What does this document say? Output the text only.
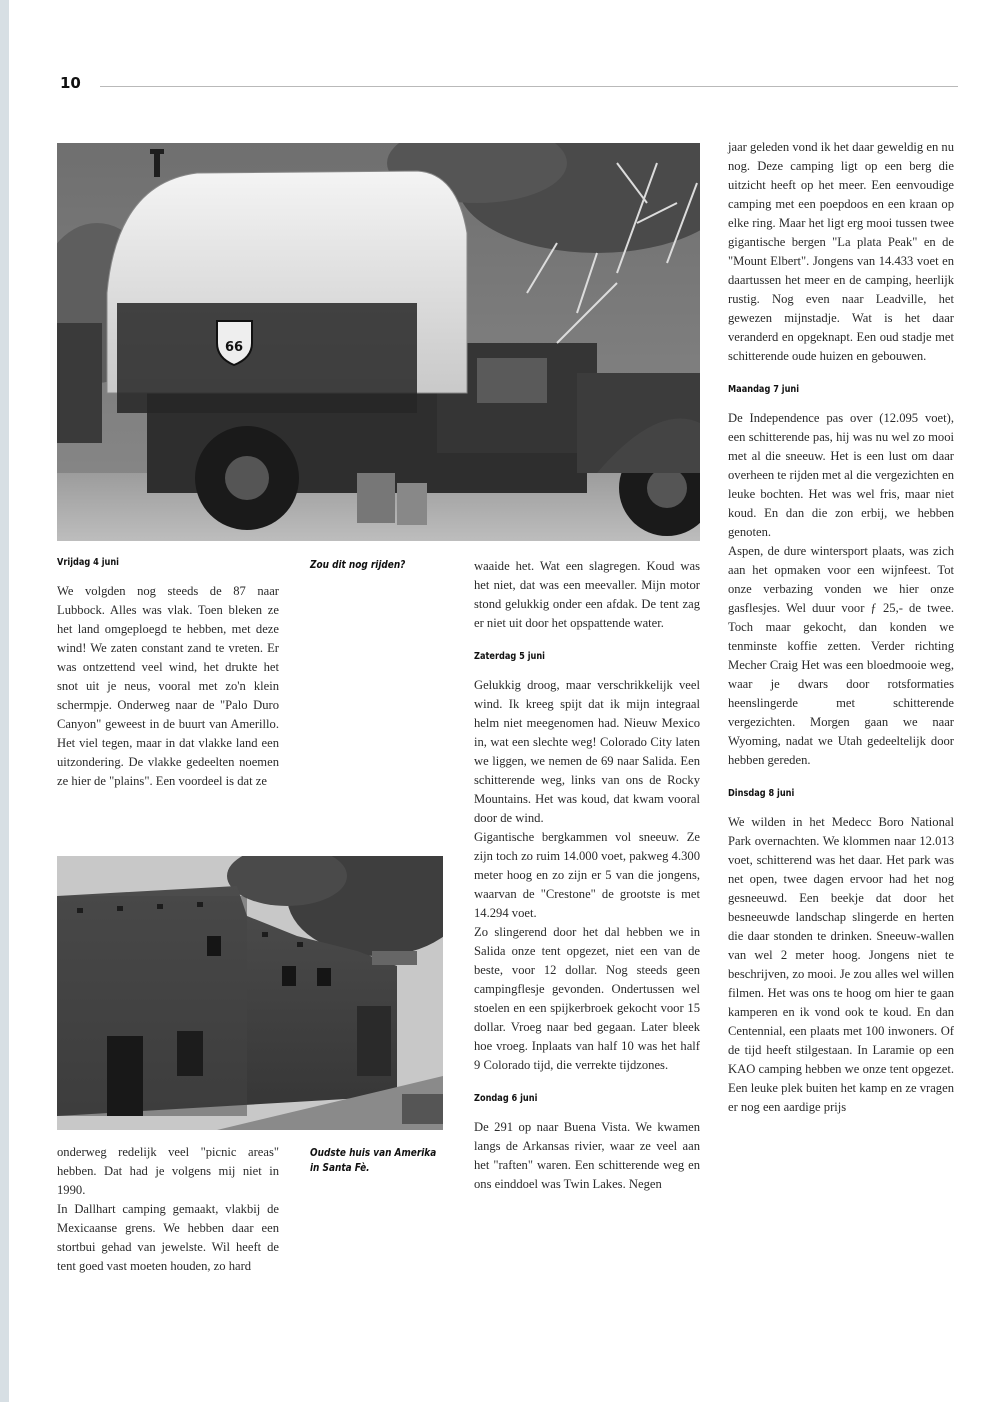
10
66
Zou dit nog rijden?
Oudste huis van Amerika in Santa Fè.
Vrijdag 4 juni

We volgden nog steeds de 87 naar Lubbock. Alles was vlak. Toen bleken ze het land omgeploegd te hebben, met deze wind! We zaten constant zand te vreten. Er was ontzettend veel wind, het drukte het snot uit je neus, vooral met zo'n klein schermpje. Onderweg naar de "Palo Duro Canyon" geweest in de buurt van Amerillo. Het viel tegen, maar in dat vlakke land een uitzondering. De vlakke gedeelten noemen ze hier de "plains". Een voordeel is dat ze

onderweg redelijk veel "picnic areas" hebben. Dat had je volgens mij niet in 1990.

In Dallhart camping gemaakt, vlakbij de Mexicaanse grens. We hebben daar een stortbui gehad van jewelste. Wil heeft de tent goed vast moeten houden, zo hard

waaide het. Wat een slagregen. Koud was het niet, dat was een meevaller. Mijn motor stond gelukkig onder een afdak. De tent zag er niet uit door het opspattende water.

Zaterdag 5 juni

Gelukkig droog, maar verschrikkelijk veel wind. Ik kreeg spijt dat ik mijn integraal helm niet meegenomen had. Nieuw Mexico in, wat een slechte weg! Colorado City laten we liggen, we nemen de 69 naar Salida. Een schitterende weg, links van ons de Rocky Mountains. Het was koud, dat kwam vooral door de wind.

Gigantische bergkammen vol sneeuw. Ze zijn toch zo ruim 14.000 voet, pakweg 4.300 meter hoog en zo zijn er 5 van die jongens, waarvan de "Crestone" de grootste is met 14.294 voet.

Zo slingerend door het dal hebben we in Salida onze tent opgezet, niet een van de beste, voor 12 dollar. Nog steeds geen campingflesje gevonden. Ondertussen wel stoelen en een spijkerbroek gekocht voor 15 dollar. Vroeg naar bed gegaan. Later bleek hoe vroeg. Inplaats van half 10 was het half 9 Colorado tijd, die verrekte tijdzones.

Zondag 6 juni

De 291 op naar Buena Vista. We kwamen langs de Arkansas rivier, waar ze veel aan het "raften" waren. Een schitterende weg en ons einddoel was Twin Lakes. Negen

jaar geleden vond ik het daar geweldig en nu nog. Deze camping ligt op een berg die uitzicht heeft op het meer. Een eenvoudige camping met een poepdoos en een kraan op elke ring. Maar het ligt erg mooi tussen twee gigantische bergen "La plata Peak" en de "Mount Elbert". Jongens van 14.433 voet en daartussen het meer en de camping, heerlijk rustig. Nog even naar Leadville, het gewezen mijnstadje. Wat is het daar veranderd en opgeknapt. Een oud stadje met schitterende oude huizen en gebouwen.

Maandag 7 juni

De Independence pas over (12.095 voet), een schitterende pas, hij was nu wel zo mooi met al die sneeuw. Het is een lust om daar overheen te rijden met al die vergezichten en leuke bochten. Het was wel fris, maar niet koud. En dan die zon erbij, we hebben genoten.

Aspen, de dure wintersport plaats, was zich aan het opmaken voor een wijnfeest. Tot onze verbazing vonden we hier onze gasflesjes. Wel duur voor ƒ 25,- de twee. Toch maar gekocht, dan konden we tenminste koffie zetten. Verder richting Mecher Craig Het was een bloedmooie weg, waar je dwars door rotsformaties heenslingerde met schitterende vergezichten. Morgen gaan we naar Wyoming, nadat we Utah gedeeltelijk door hebben gereden.

Dinsdag 8 juni

We wilden in het Medecc Boro National Park overnachten. We klommen naar 12.013 voet, schitterend was het daar. Het park was net open, twee dagen ervoor had het nog gesneeuwd. Een beekje dat door het besneeuwde landschap slingerde en herten die daar stonden te drinken. Sneeuw-wallen van wel 2 meter hoog. Jongens niet te beschrijven, zo mooi. Je zou alles wel willen filmen. Het was ons te hoog om hier te gaan kamperen en ik vond ook te koud. En dan Centennial, een plaats met 100 inwoners. Of de tijd heeft stilgestaan. In Laramie op een KAO camping hebben we onze tent opgezet. Een leuke plek buiten het kamp en ze vragen er nog een aardige prijs
